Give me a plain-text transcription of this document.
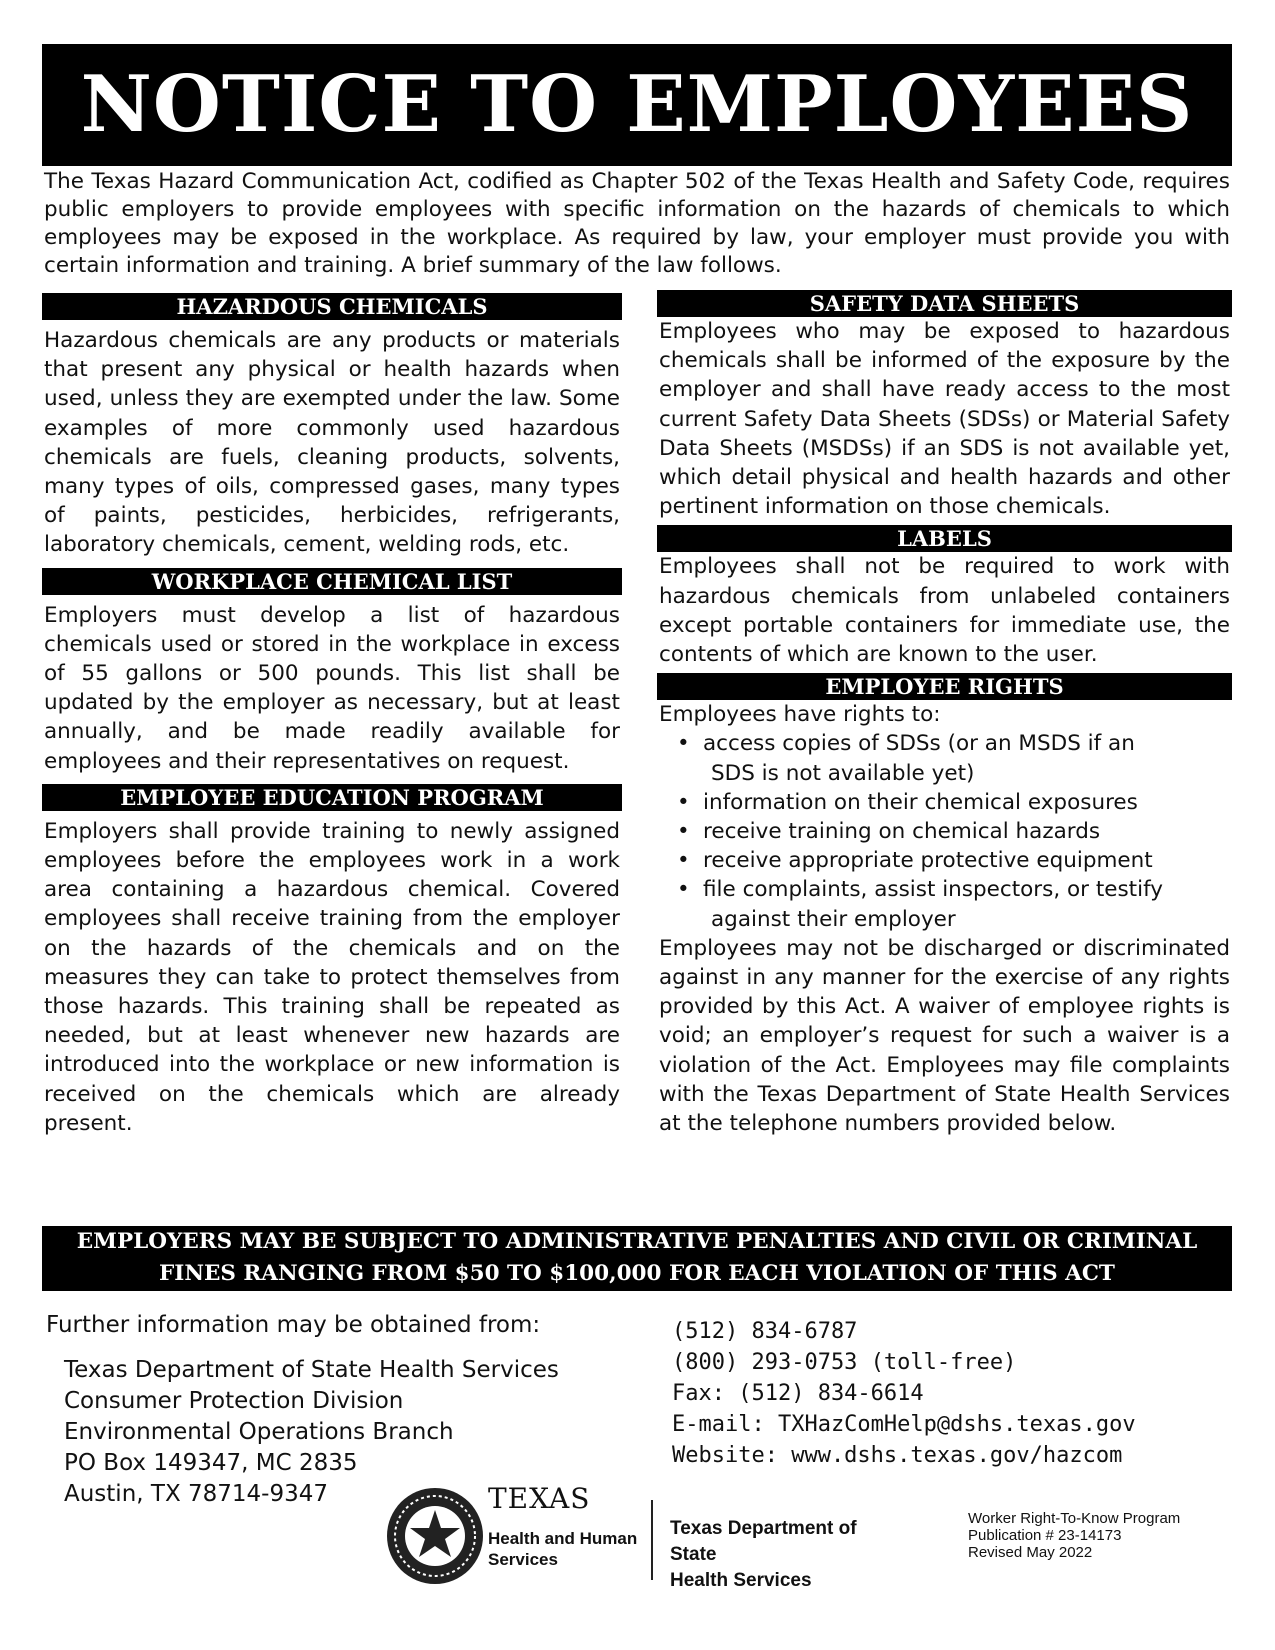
NOTICE TO EMPLOYEES
The Texas Hazard Communication Act, codified as Chapter 502 of the Texas Health and Safety Code, requires public employers to provide employees with specific information on the hazards of chemicals to which employees may be exposed in the workplace. As required by law, your employer must provide you with certain information and training. A brief summary of the law follows.
HAZARDOUS CHEMICALS
Hazardous chemicals are any products or materials that present any physical or health hazards when used, unless they are exempted under the law. Some examples of more commonly used hazardous chemicals are fuels, cleaning products, solvents, many types of oils, compressed gases, many types of paints, pesticides, herbicides, refrigerants, laboratory chemicals, cement, welding rods, etc.
WORKPLACE CHEMICAL LIST
Employers must develop a list of hazardous chemicals used or stored in the workplace in excess of 55 gallons or 500 pounds. This list shall be updated by the employer as necessary, but at least annually, and be made readily available for employees and their representatives on request.
EMPLOYEE EDUCATION PROGRAM
Employers shall provide training to newly assigned employees before the employees work in a work area containing a hazardous chemical. Covered employees shall receive training from the employer on the hazards of the chemicals and on the measures they can take to protect themselves from those hazards. This training shall be repeated as needed, but at least whenever new hazards are introduced into the workplace or new information is received on the chemicals which are already present.
SAFETY DATA SHEETS
Employees who may be exposed to hazardous chemicals shall be informed of the exposure by the employer and shall have ready access to the most current Safety Data Sheets (SDSs) or Material Safety Data Sheets (MSDSs) if an SDS is not available yet, which detail physical and health hazards and other pertinent information on those chemicals.
LABELS
Employees shall not be required to work with hazardous chemicals from unlabeled containers except portable containers for immediate use, the contents of which are known to the user.
EMPLOYEE RIGHTS
Employees have rights to:
• access copies of SDSs (or an MSDS if an
SDS is not available yet)
• information on their chemical exposures
• receive training on chemical hazards
• receive appropriate protective equipment
• file complaints, assist inspectors, or testify
against their employer
Employees may not be discharged or discriminated against in any manner for the exercise of any rights provided by this Act. A waiver of employee rights is void; an employer’s request for such a waiver is a violation of the Act. Employees may file complaints with the Texas Department of State Health Services at the telephone numbers provided below.
EMPLOYERS MAY BE SUBJECT TO ADMINISTRATIVE PENALTIES AND CIVIL OR CRIMINAL
FINES RANGING FROM $50 TO $100,000 FOR EACH VIOLATION OF THIS ACT
Further information may be obtained from:
Texas Department of State Health Services
Consumer Protection Division
Environmental Operations Branch
PO Box 149347, MC 2835
Austin, TX 78714-9347
(512) 834-6787
(800) 293-0753 (toll-free)
Fax: (512) 834-6614
E-mail: TXHazComHelp@dshs.texas.gov
Website: www.dshs.texas.gov/hazcom
TEXAS
Health and Human
Services
Texas Department of State
Health Services
Worker Right-To-Know Program
Publication # 23-14173
Revised May 2022
